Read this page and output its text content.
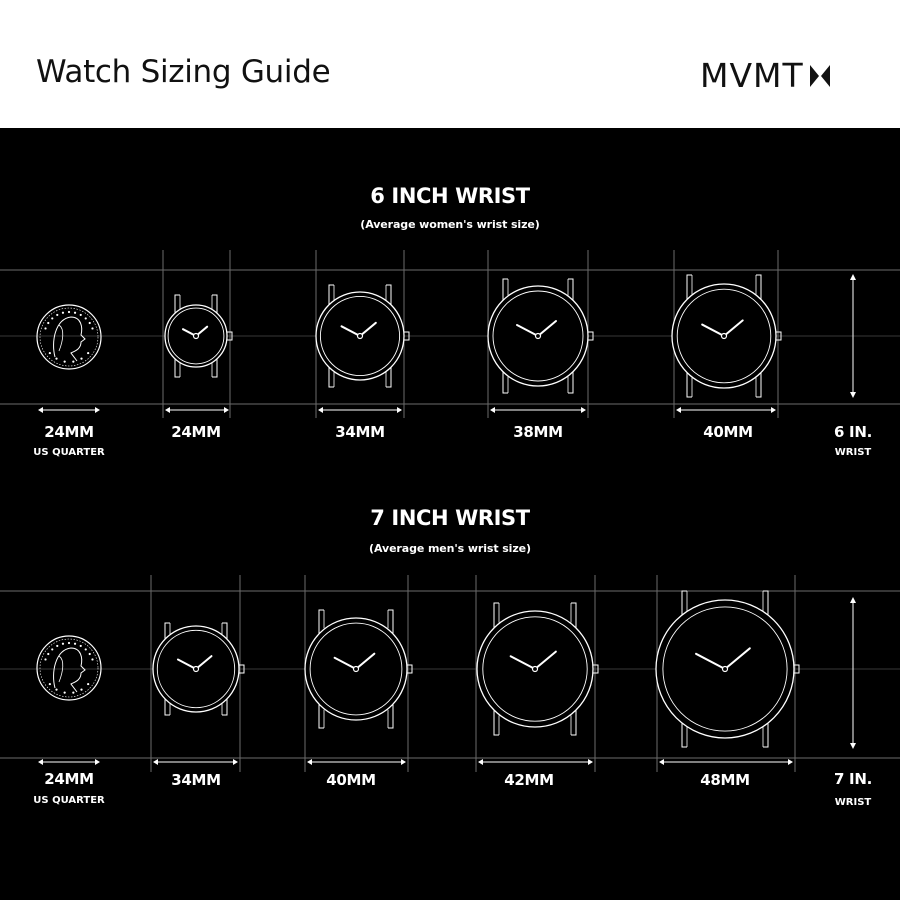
Watch Sizing Guide	MVMT
6 INCH WRIST
(Average women's wrist size)
24MM
US QUARTER
24MM	34MM	38MM	40MM	6 IN.
WRIST
7 INCH WRIST
(Average men's wrist size)
24MM
US QUARTER
34MM	40MM	42MM	48MM	7 IN.
WRIST
